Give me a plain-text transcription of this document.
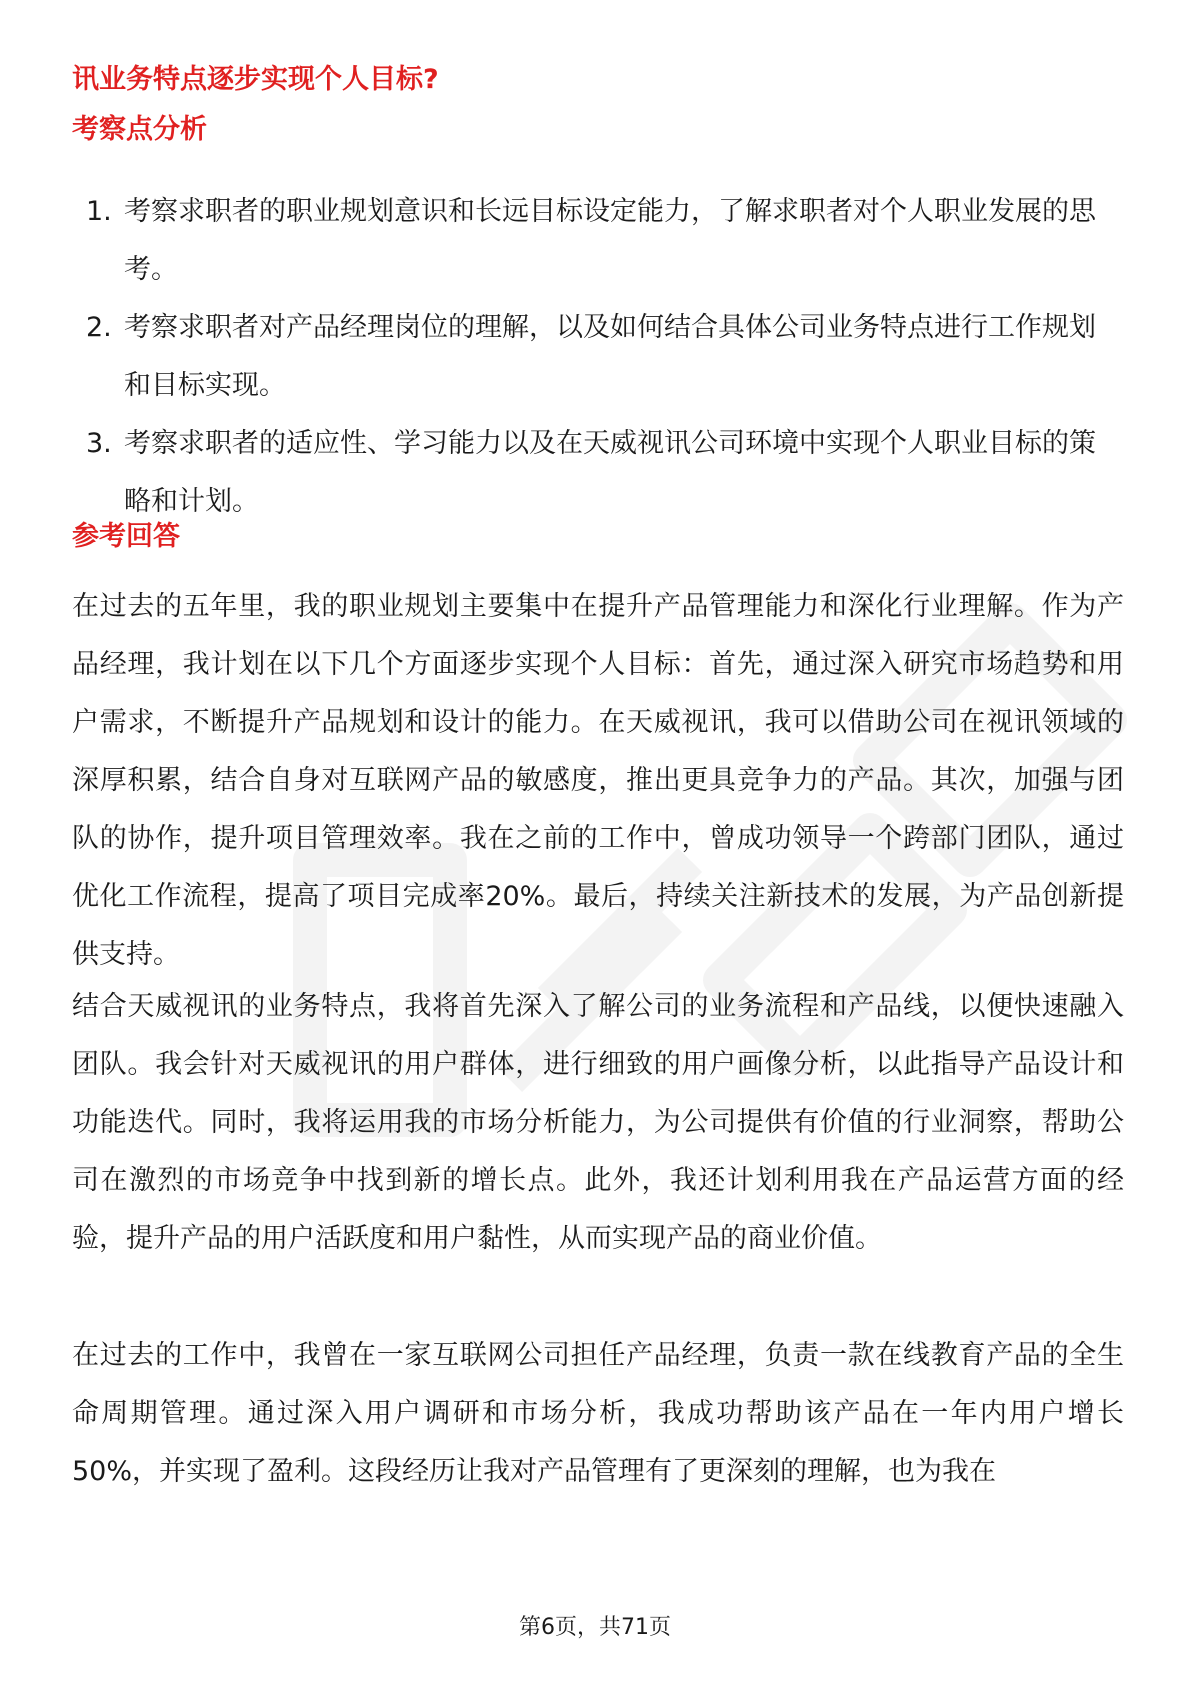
讯业务特点逐步实现个人目标?
考察点分析
1. 考察求职者的职业规划意识和长远目标设定能力，了解求职者对个人职业发展的思考。
2. 考察求职者对产品经理岗位的理解，以及如何结合具体公司业务特点进行工作规划和目标实现。
3. 考察求职者的适应性、学习能力以及在天威视讯公司环境中实现个人职业目标的策略和计划。
参考回答

在过去的五年里，我的职业规划主要集中在提升产品管理能力和深化行业理解。作为产品经理，我计划在以下几个方面逐步实现个人目标：首先，通过深入研究市场趋势和用户需求，不断提升产品规划和设计的能力。在天威视讯，我可以借助公司在视讯领域的深厚积累，结合自身对互联网产品的敏感度，推出更具竞争力的产品。其次，加强与团队的协作，提升项目管理效率。我在之前的工作中，曾成功领导一个跨部门团队，通过优化工作流程，提高了项目完成率20%。最后，持续关注新技术的发展，为产品创新提供支持。

结合天威视讯的业务特点，我将首先深入了解公司的业务流程和产品线，以便快速融入团队。我会针对天威视讯的用户群体，进行细致的用户画像分析，以此指导产品设计和功能迭代。同时，我将运用我的市场分析能力，为公司提供有价值的行业洞察，帮助公司在激烈的市场竞争中找到新的增长点。此外，我还计划利用我在产品运营方面的经验，提升产品的用户活跃度和用户黏性，从而实现产品的商业价值。

在过去的工作中，我曾在一家互联网公司担任产品经理，负责一款在线教育产品的全生命周期管理。通过深入用户调研和市场分析，我成功帮助该产品在一年内用户增长50%，并实现了盈利。这段经历让我对产品管理有了更深刻的理解，也为我在

第6页，共71页
